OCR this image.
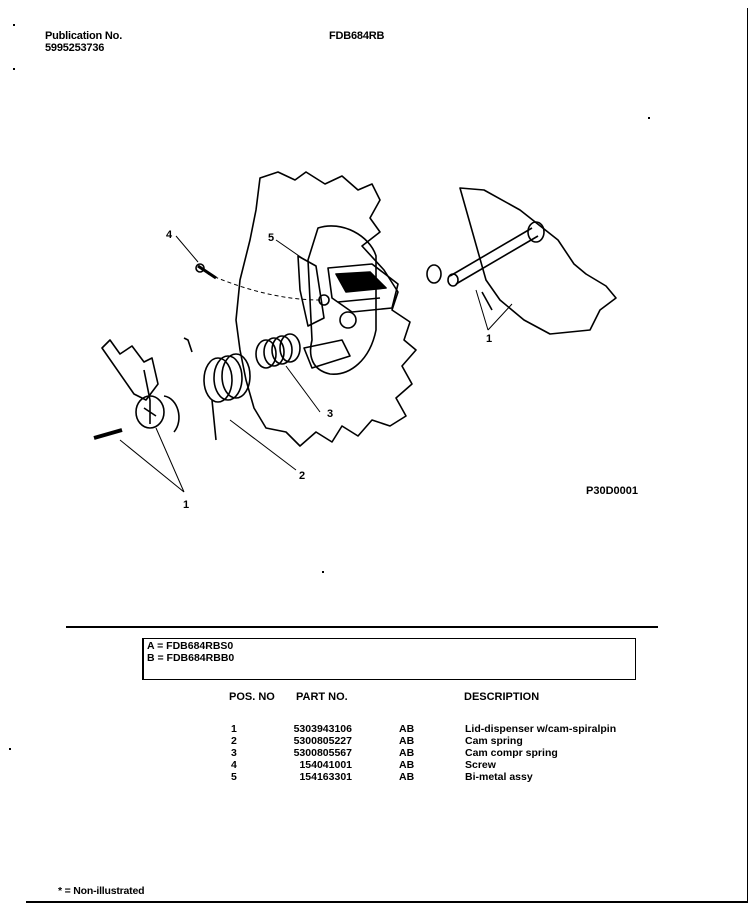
Publication No.
5995253736
FDB684RB
4	5
1
3
2
1
P30D0001
A = FDB684RBS0
B = FDB684RBB0
POS. NO PART NO.	DESCRIPTION
1	5303943106	AB	Lid-dispenser w/cam-spiralpin
2	5300805227	AB	Cam spring
3	5300805567	AB	Cam compr spring
4	154041001	AB	Screw
5	154163301	AB	Bi-metal assy
* = Non-illustrated
